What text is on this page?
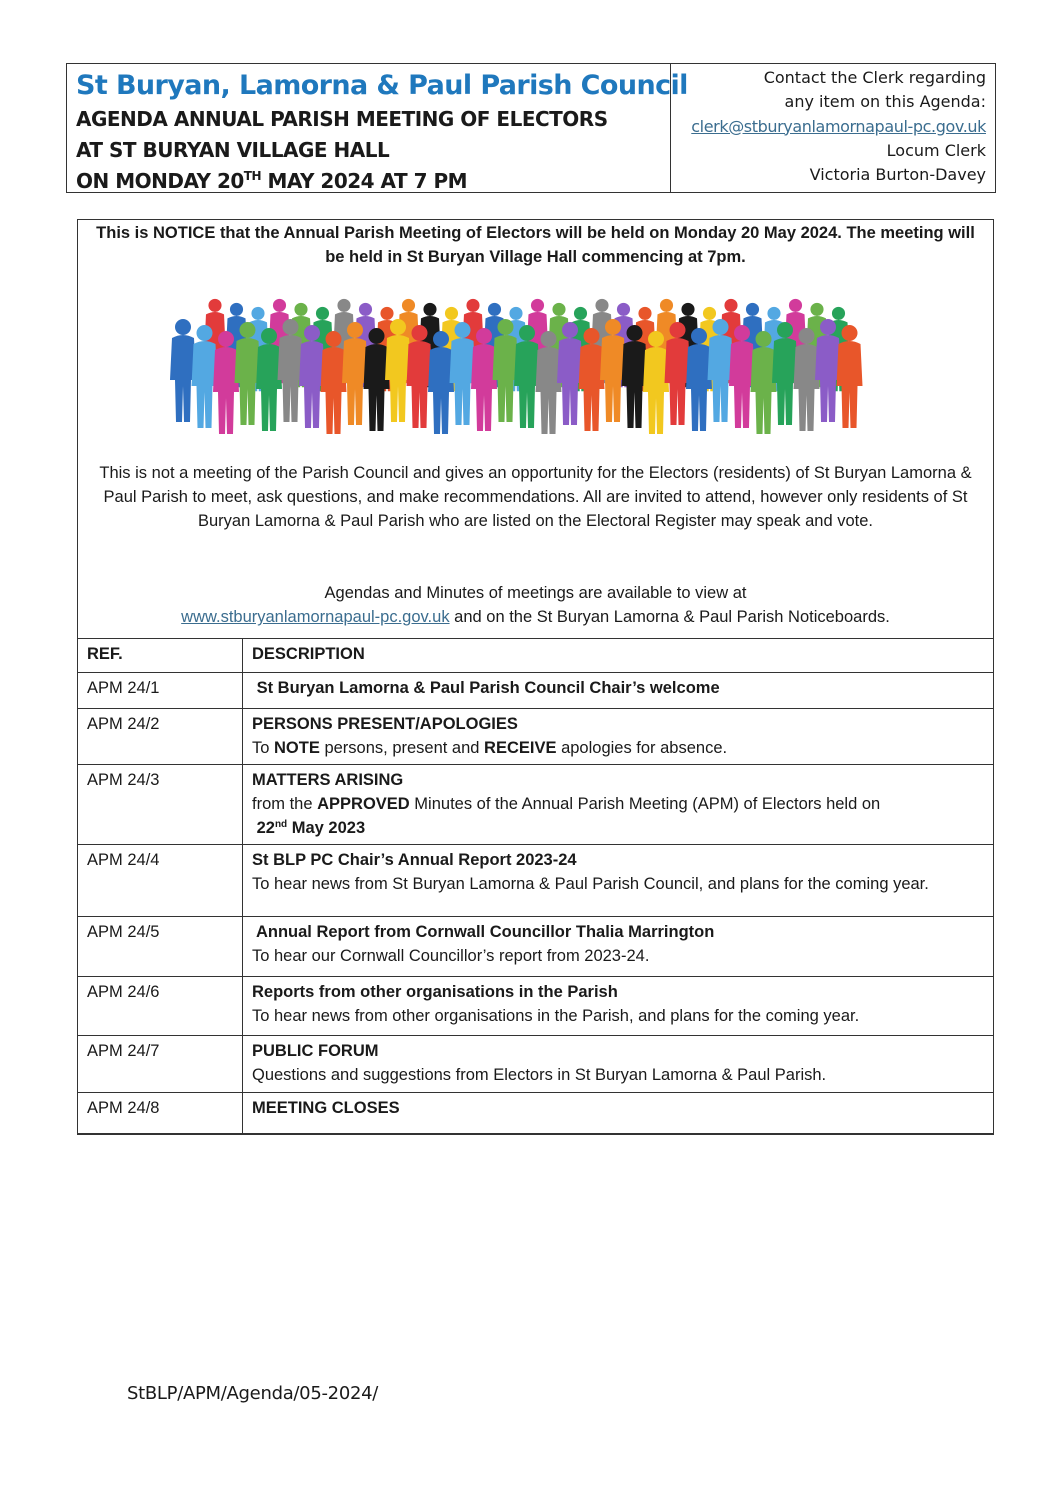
St Buryan, Lamorna & Paul Parish Council
AGENDA ANNUAL PARISH MEETING OF ELECTORS
AT ST BURYAN VILLAGE HALL
ON MONDAY 20TH MAY 2024 AT 7 PM
Contact the Clerk regarding
any item on this Agenda:
clerk@stburyanlamornapaul-pc.gov.uk
Locum Clerk
Victoria Burton-Davey
This is NOTICE that the Annual Parish Meeting of Electors will be held on Monday 20 May 2024. The meeting will be held in St Buryan Village Hall commencing at 7pm.
This is not a meeting of the Parish Council and gives an opportunity for the Electors (residents) of St Buryan Lamorna & Paul Parish to meet, ask questions, and make recommendations. All are invited to attend, however only residents of St Buryan Lamorna & Paul Parish who are listed on the Electoral Register may speak and vote.
Agendas and Minutes of meetings are available to view at
www.stburyanlamornapaul-pc.gov.uk and on the St Buryan Lamorna & Paul Parish Noticeboards.
REF.	DESCRIPTION
APM 24/1	St Buryan Lamorna & Paul Parish Council Chair’s welcome

APM 24/2	PERSONS PRESENT/APOLOGIES
To NOTE persons, present and RECEIVE apologies for absence.

APM 24/3	MATTERS ARISING
from the APPROVED Minutes of the Annual Parish Meeting (APM) of Electors held on
22nd May 2023

APM 24/4	St BLP PC Chair’s Annual Report 2023-24
To hear news from St Buryan Lamorna & Paul Parish Council, and plans for the coming year.

APM 24/5	Annual Report from Cornwall Councillor Thalia Marrington
To hear our Cornwall Councillor’s report from 2023-24.

APM 24/6	Reports from other organisations in the Parish
To hear news from other organisations in the Parish, and plans for the coming year.

APM 24/7	PUBLIC FORUM
Questions and suggestions from Electors in St Buryan Lamorna & Paul Parish.

APM 24/8	MEETING CLOSES
StBLP/APM/Agenda/05-2024/
